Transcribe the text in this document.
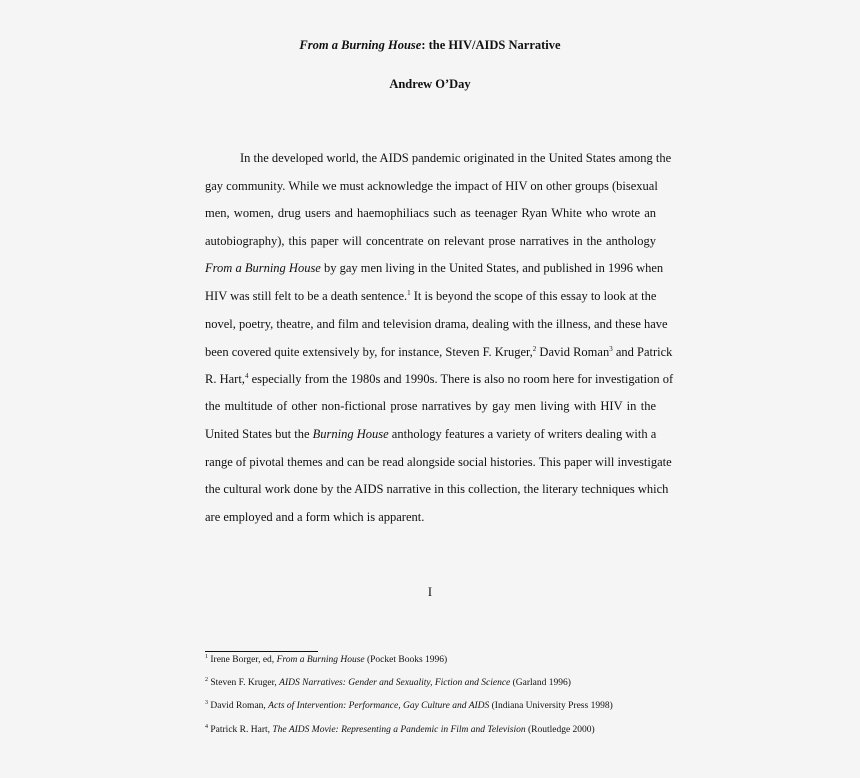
From a Burning House: the HIV/AIDS Narrative
Andrew O’Day
In the developed world, the AIDS pandemic originated in the United States among the
gay community. While we must acknowledge the impact of HIV on other groups (bisexual
men, women, drug users and haemophiliacs such as teenager Ryan White who wrote an
autobiography), this paper will concentrate on relevant prose narratives in the anthology
From a Burning House by gay men living in the United States, and published in 1996 when
HIV was still felt to be a death sentence.$^1$ It is beyond the scope of this essay to look at the
novel, poetry, theatre, and film and television drama, dealing with the illness, and these have
been covered quite extensively by, for instance, Steven F. Kruger,$^2$ David Roman$^3$ and Patrick
R. Hart,$^4$ especially from the 1980s and 1990s. There is also no room here for investigation of
the multitude of other non-fictional prose narratives by gay men living with HIV in the
United States but the Burning House anthology features a variety of writers dealing with a
range of pivotal themes and can be read alongside social histories. This paper will investigate
the cultural work done by the AIDS narrative in this collection, the literary techniques which
are employed and a form which is apparent.
I
$^1$ Irene Borger, ed, From a Burning House (Pocket Books 1996)
$^2$ Steven F. Kruger, AIDS Narratives: Gender and Sexuality, Fiction and Science (Garland 1996)
$^3$ David Roman, Acts of Intervention: Performance, Gay Culture and AIDS (Indiana University Press 1998)
$^4$ Patrick R. Hart, The AIDS Movie: Representing a Pandemic in Film and Television (Routledge 2000)
